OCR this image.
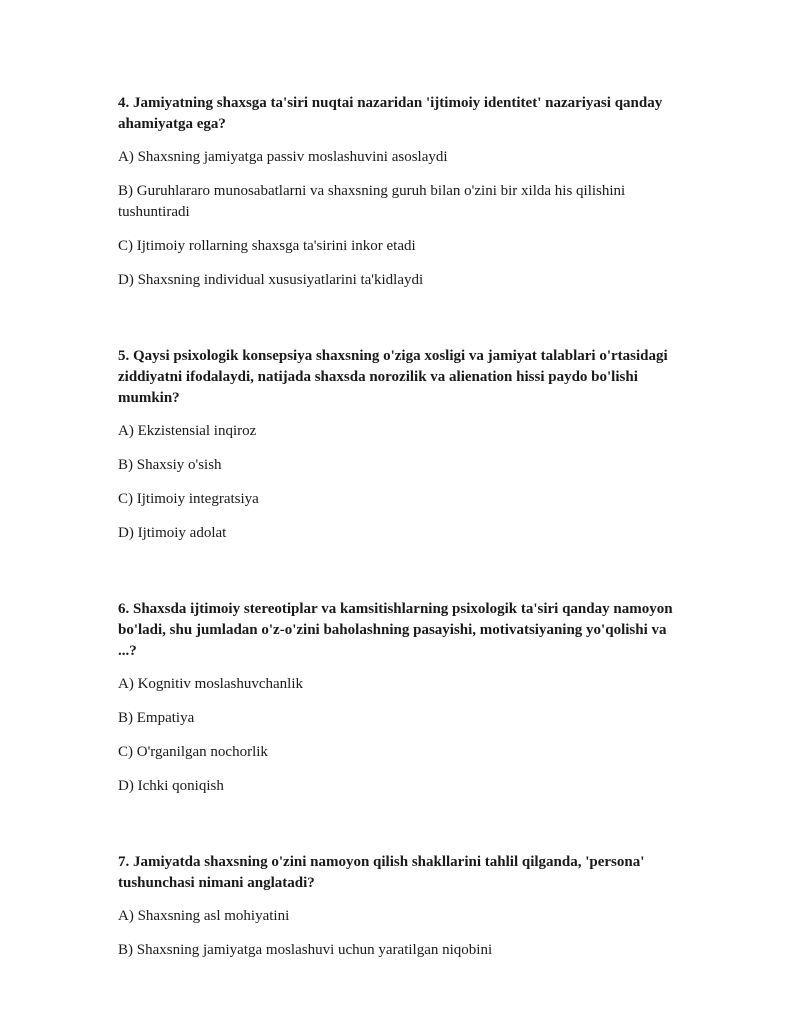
4. Jamiyatning shaxsga ta'siri nuqtai nazaridan 'ijtimoiy identitet' nazariyasi qanday ahamiyatga ega?

A) Shaxsning jamiyatga passiv moslashuvini asoslaydi

B) Guruhlararo munosabatlarni va shaxsning guruh bilan o'zini bir xilda his qilishini tushuntiradi

C) Ijtimoiy rollarning shaxsga ta'sirini inkor etadi

D) Shaxsning individual xususiyatlarini ta'kidlaydi

5. Qaysi psixologik konsepsiya shaxsning o'ziga xosligi va jamiyat talablari o'rtasidagi ziddiyatni ifodalaydi, natijada shaxsda norozilik va alienation hissi paydo bo'lishi mumkin?

A) Ekzistensial inqiroz

B) Shaxsiy o'sish

C) Ijtimoiy integratsiya

D) Ijtimoiy adolat

6. Shaxsda ijtimoiy stereotiplar va kamsitishlarning psixologik ta'siri qanday namoyon bo'ladi, shu jumladan o'z-o'zini baholashning pasayishi, motivatsiyaning yo'qolishi va ...?

A) Kognitiv moslashuvchanlik

B) Empatiya

C) O'rganilgan nochorlik

D) Ichki qoniqish

7. Jamiyatda shaxsning o'zini namoyon qilish shakllarini tahlil qilganda, 'persona' tushunchasi nimani anglatadi?

A) Shaxsning asl mohiyatini

B) Shaxsning jamiyatga moslashuvi uchun yaratilgan niqobini
